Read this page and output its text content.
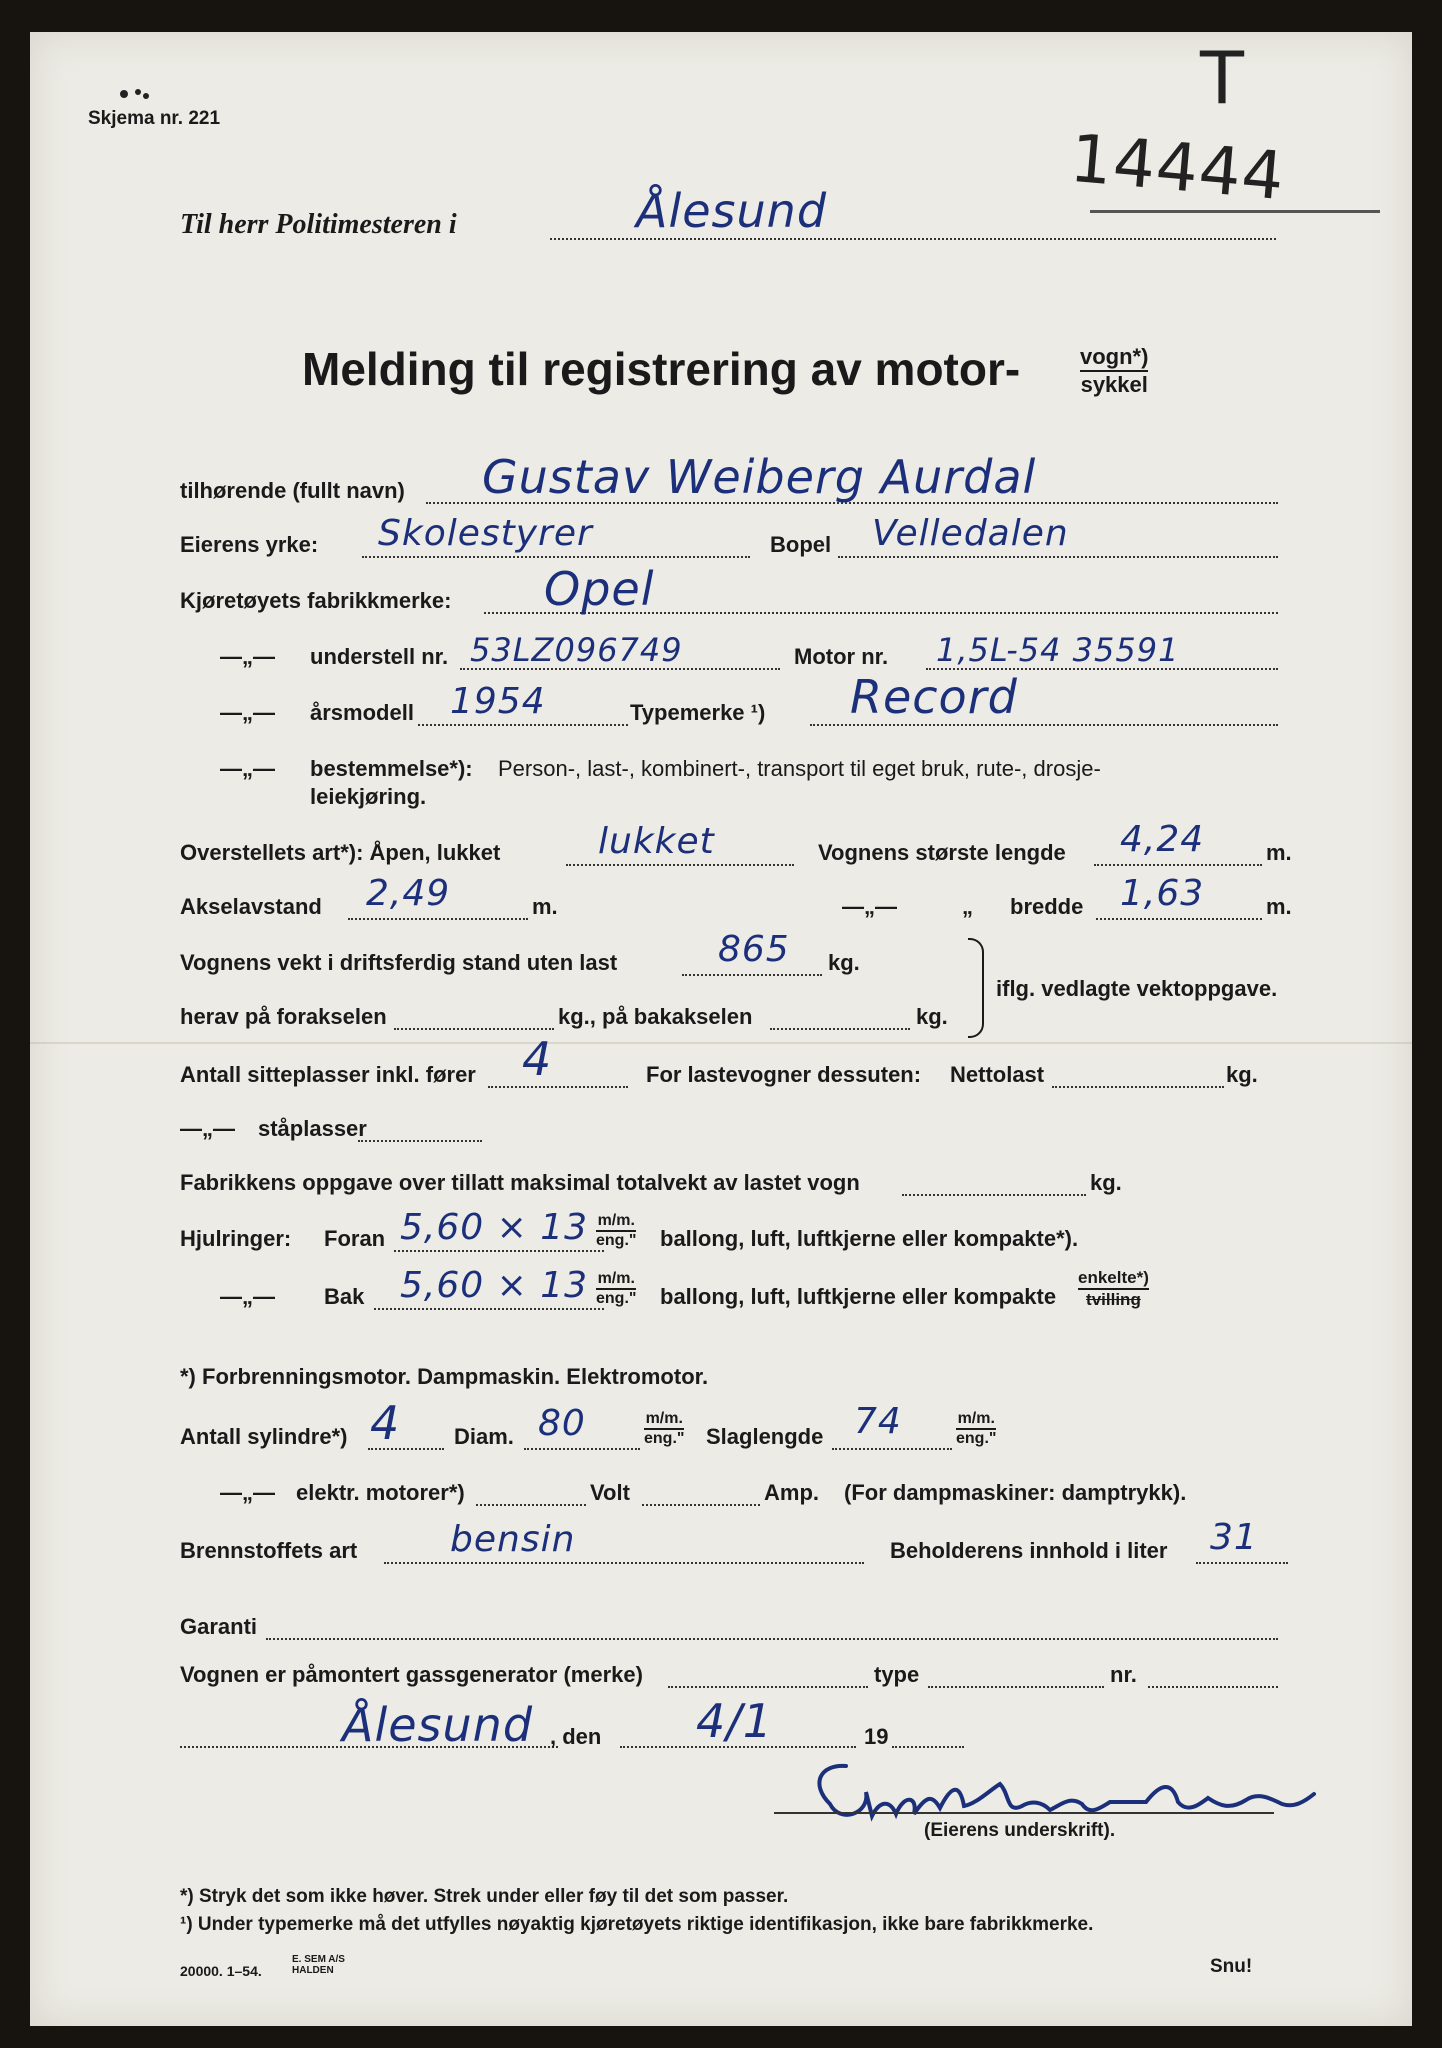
Skjema nr. 221	T
14444
Til herr Politimesteren i	Ålesund
Melding til registrering av motor-	vogn*)
sykkel
tilhørende (fullt navn) Gustav Weiberg Aurdal
Eierens yrke: Skolestyrer	Bopel Velledalen
Kjøretøyets fabrikkmerke: Opel
—„— understell nr. 53LZ096749	Motor nr. 1,5L-54 35591
—„— årsmodell 1954	Typemerke ¹) Record
—„— bestemmelse*): Person-, last-, kombinert-, transport til eget bruk, rute-, drosje-
leiekjøring.
Overstellets art*): Åpen, lukket	lukket	Vognens største lengde 4,24	m.
Akselavstand 2,49	m.	—„—	„ bredde 1,63	m.
Vognens vekt i driftsferdig stand uten last	865 kg.
herav på forakselen	kg., på bakakselen	kg.
iflg. vedlagte vektoppgave.
Antall sitteplasser inkl. fører 4	For lastevogner dessuten: Nettolast	kg.
—„— ståplasser
Fabrikkens oppgave over tillatt maksimal totalvekt av lastet vogn	kg.
Hjulringer: Foran 5,60 × 13 m/m.
eng." ballong, luft, luftkjerne eller kompakte*).
—„— Bak 5,60 × 13 m/m.
eng." ballong, luft, luftkjerne eller kompakte
enkelte*)
tvilling
*) Forbrenningsmotor. Dampmaskin. Elektromotor.
Antall sylindre*) 4 Diam. 80	m/m.
eng." Slaglengde 74	m/m.
eng."
—„— elektr. motorer*)	Volt	Amp. (For dampmaskiner: damptrykk).
Brennstoffets art	bensin	Beholderens innhold i liter 31
Garanti
Vognen er påmontert gassgenerator (merke)	type	nr.
Ålesund , den 4/1	19
(Eierens underskrift).
*) Stryk det som ikke høver. Strek under eller føy til det som passer.
¹) Under typemerke må det utfylles nøyaktig kjøretøyets riktige identifikasjon, ikke bare fabrikkmerke.
20000. 1–54.
E. SEM A/S HALDEN	Snu!
